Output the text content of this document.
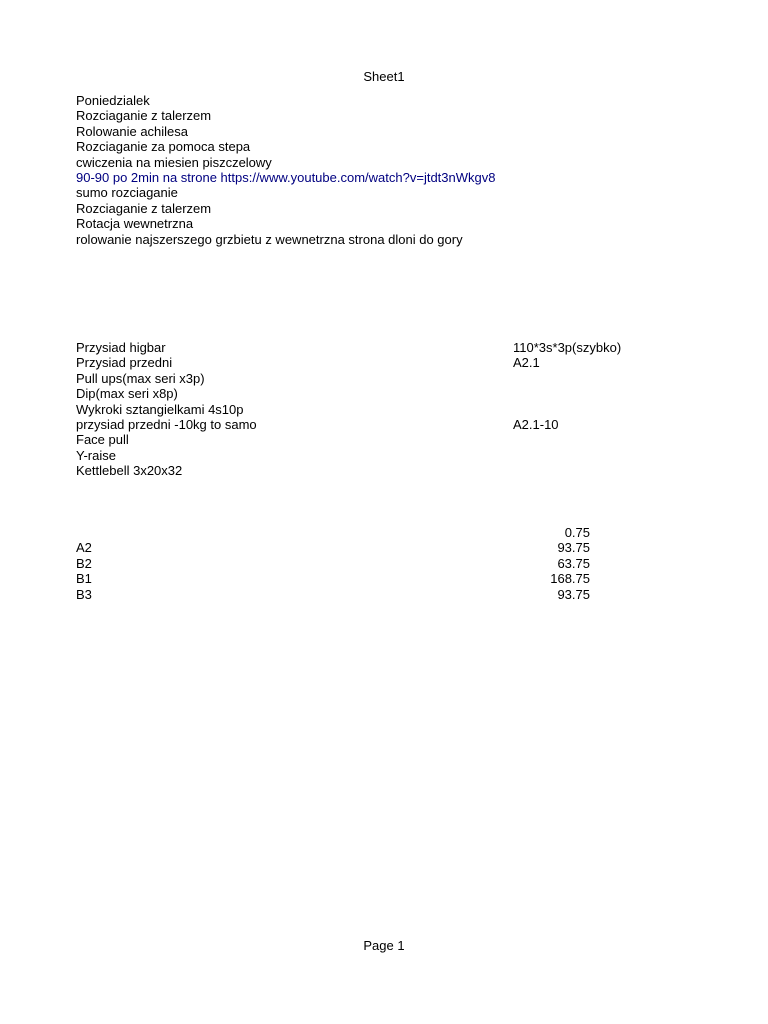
Sheet1
Poniedzialek
Rozciaganie z talerzem
Rolowanie achilesa
Rozciaganie za pomoca stepa
cwiczenia na miesien piszczelowy
90-90 po 2min na strone https://www.youtube.com/watch?v=jtdt3nWkgv8
sumo rozciaganie
Rozciaganie z talerzem
Rotacja wewnetrzna
rolowanie najszerszego grzbietu z wewnetrzna strona dloni do gory
Przysiad higbar	110*3s*3p(szybko)
Przysiad przedni	A2.1
Pull ups(max seri x3p)
Dip(max seri x8p)
Wykroki sztangielkami 4s10p
przysiad przedni -10kg to samo	A2.1-10
Face pull
Y-raise
Kettlebell 3x20x32
0.75
A2	93.75
B2	63.75
B1	168.75
B3	93.75
Page 1
